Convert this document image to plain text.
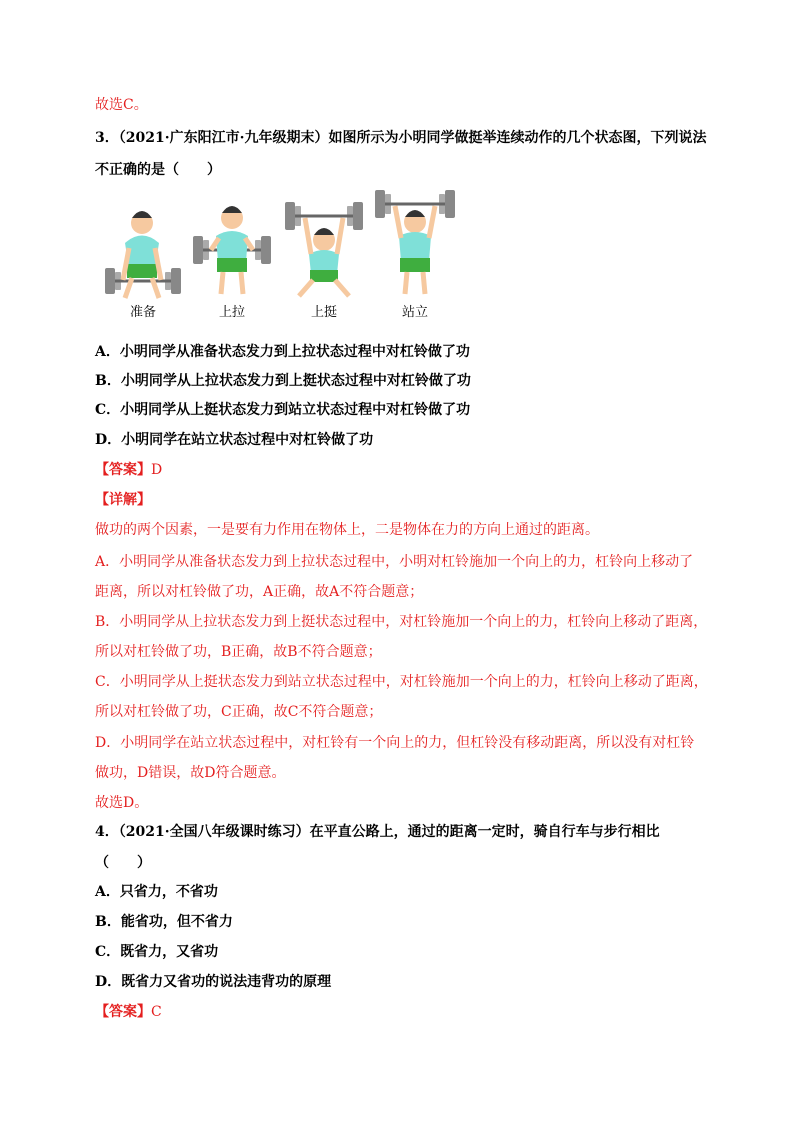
故选C。
3．（2021·广东阳江市·九年级期末）如图所示为小明同学做挺举连续动作的几个状态图，下列说法
不正确的是（　　）
准备	上拉	上挺	站立
A．小明同学从准备状态发力到上拉状态过程中对杠铃做了功
B．小明同学从上拉状态发力到上挺状态过程中对杠铃做了功
C．小明同学从上挺状态发力到站立状态过程中对杠铃做了功
D．小明同学在站立状态过程中对杠铃做了功
【答案】D
【详解】
做功的两个因素，一是要有力作用在物体上，二是物体在力的方向上通过的距离。
A．小明同学从准备状态发力到上拉状态过程中，小明对杠铃施加一个向上的力，杠铃向上移动了
距离，所以对杠铃做了功，A正确，故A不符合题意；
B．小明同学从上拉状态发力到上挺状态过程中，对杠铃施加一个向上的力，杠铃向上移动了距离，
所以对杠铃做了功，B正确，故B不符合题意；
C．小明同学从上挺状态发力到站立状态过程中，对杠铃施加一个向上的力，杠铃向上移动了距离，
所以对杠铃做了功，C正确，故C不符合题意；
D．小明同学在站立状态过程中，对杠铃有一个向上的力，但杠铃没有移动距离，所以没有对杠铃
做功，D错误，故D符合题意。
故选D。
4．（2021·全国八年级课时练习）在平直公路上，通过的距离一定时，骑自行车与步行相比
（　　）
A．只省力，不省功
B．能省功，但不省力
C．既省力，又省功
D．既省力又省功的说法违背功的原理
【答案】C
